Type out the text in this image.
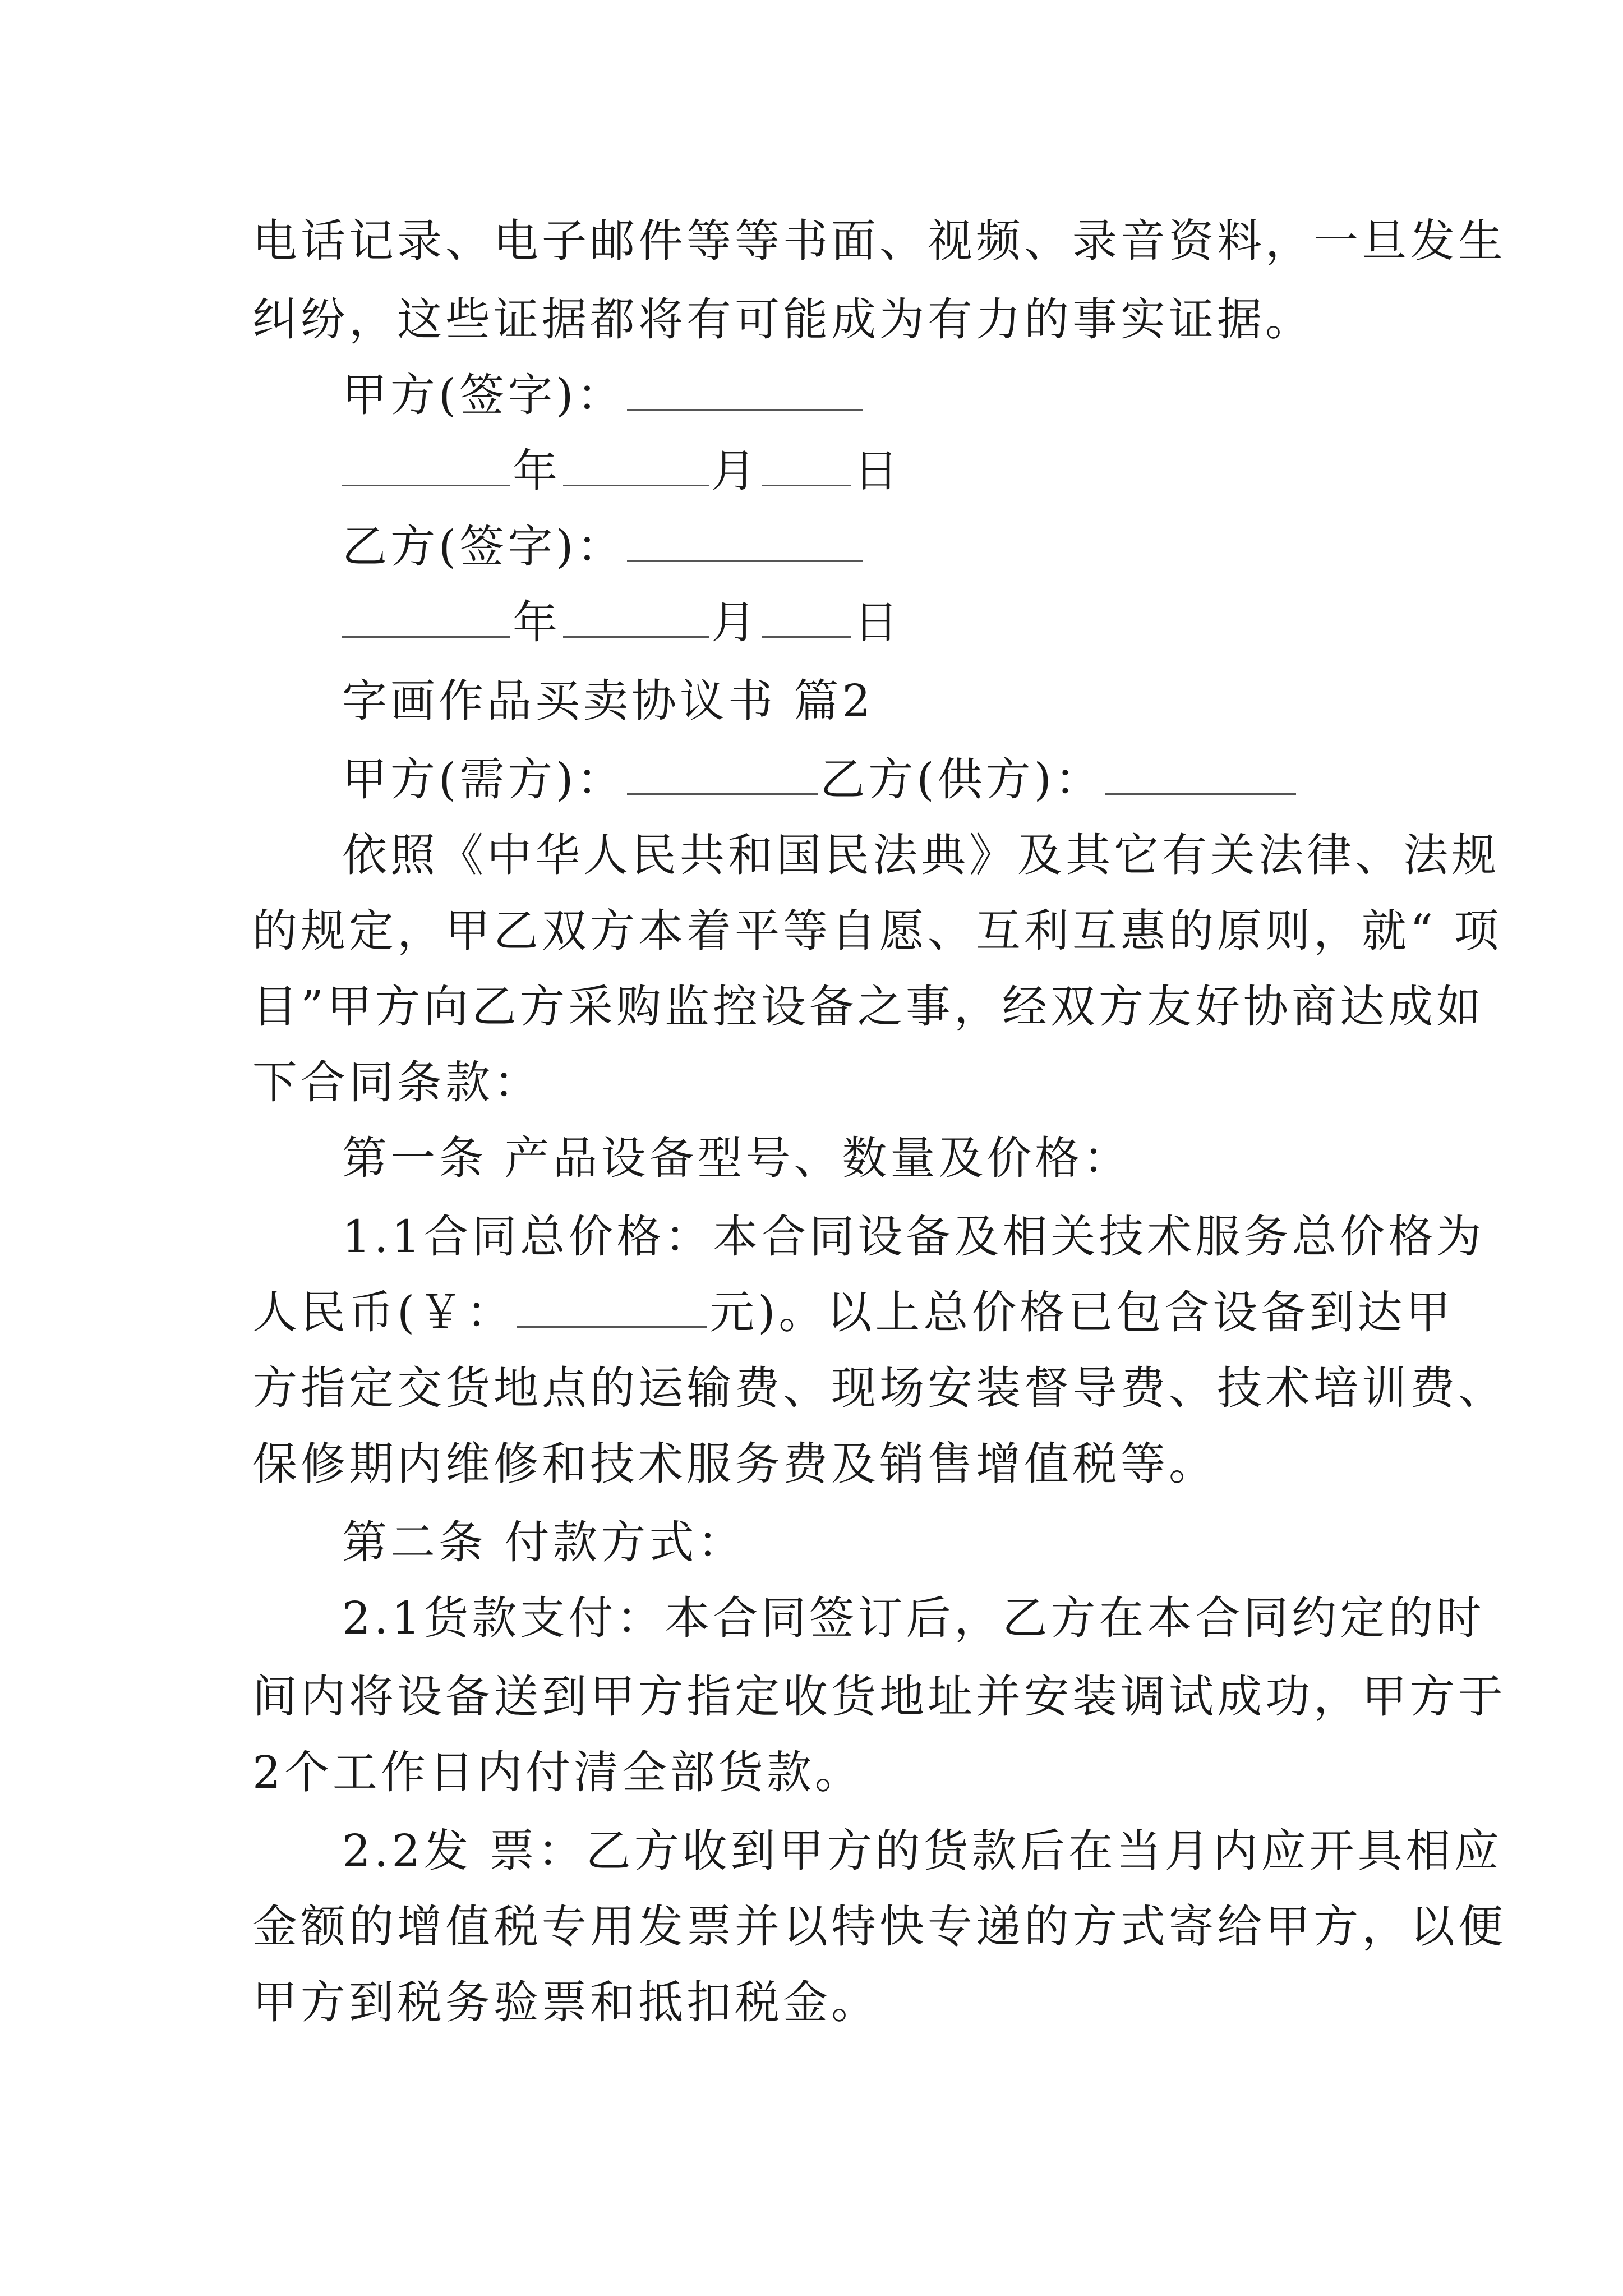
电话记录、电子邮件等等书面、视频、录音资料，一旦发生
纠纷，这些证据都将有可能成为有力的事实证据。
甲方(签字)：
年	月 日
乙方(签字)：
年	月 日
字画作品买卖协议书 篇2
甲方(需方)：	乙方(供方)：
依照《中华人民共和国民法典》及其它有关法律、法规
的规定，甲乙双方本着平等自愿、互利互惠的原则，就“ 项
目”甲方向乙方采购监控设备之事，经双方友好协商达成如
下合同条款：
第一条 产品设备型号、数量及价格：
1.1合同总价格：本合同设备及相关技术服务总价格为
人民币(￥：	元)。以上总价格已包含设备到达甲
方指定交货地点的运输费、现场安装督导费、技术培训费、
保修期内维修和技术服务费及销售增值税等。
第二条 付款方式：
2.1货款支付：本合同签订后，乙方在本合同约定的时
间内将设备送到甲方指定收货地址并安装调试成功，甲方于
2个工作日内付清全部货款。
2.2发 票：乙方收到甲方的货款后在当月内应开具相应
金额的增值税专用发票并以特快专递的方式寄给甲方，以便
甲方到税务验票和抵扣税金。
